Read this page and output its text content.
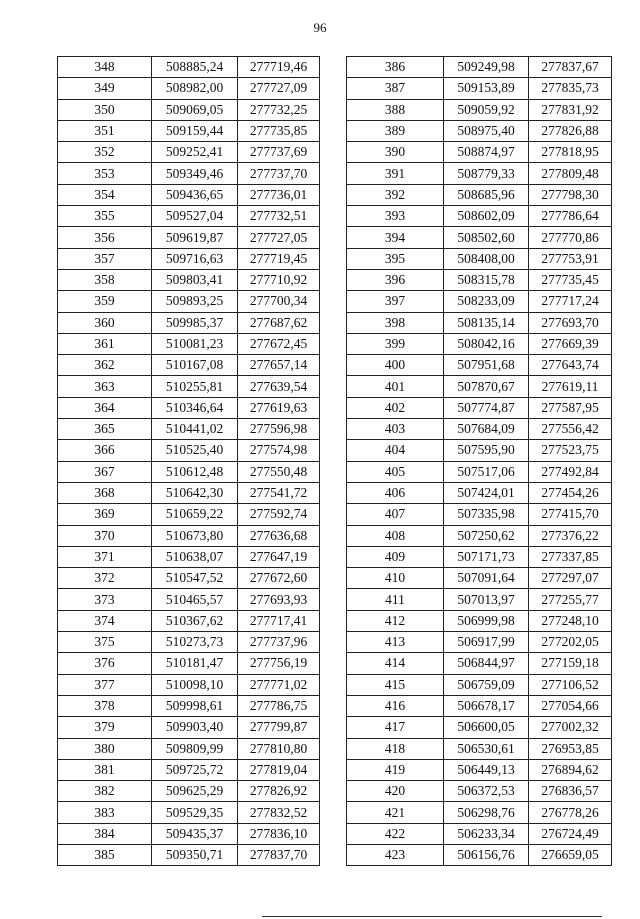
96
348	508885,24	277719,46
349	508982,00	277727,09
350	509069,05	277732,25
351	509159,44	277735,85
352	509252,41	277737,69
353	509349,46	277737,70
354	509436,65	277736,01
355	509527,04	277732,51
356	509619,87	277727,05
357	509716,63	277719,45
358	509803,41	277710,92
359	509893,25	277700,34
360	509985,37	277687,62
361	510081,23	277672,45
362	510167,08	277657,14
363	510255,81	277639,54
364	510346,64	277619,63
365	510441,02	277596,98
366	510525,40	277574,98
367	510612,48	277550,48
368	510642,30	277541,72
369	510659,22	277592,74
370	510673,80	277636,68
371	510638,07	277647,19
372	510547,52	277672,60
373	510465,57	277693,93
374	510367,62	277717,41
375	510273,73	277737,96
376	510181,47	277756,19
377	510098,10	277771,02
378	509998,61	277786,75
379	509903,40	277799,87
380	509809,99	277810,80
381	509725,72	277819,04
382	509625,29	277826,92
383	509529,35	277832,52
384	509435,37	277836,10
385	509350,71	277837,70
386	509249,98	277837,67
387	509153,89	277835,73
388	509059,92	277831,92
389	508975,40	277826,88
390	508874,97	277818,95
391	508779,33	277809,48
392	508685,96	277798,30
393	508602,09	277786,64
394	508502,60	277770,86
395	508408,00	277753,91
396	508315,78	277735,45
397	508233,09	277717,24
398	508135,14	277693,70
399	508042,16	277669,39
400	507951,68	277643,74
401	507870,67	277619,11
402	507774,87	277587,95
403	507684,09	277556,42
404	507595,90	277523,75
405	507517,06	277492,84
406	507424,01	277454,26
407	507335,98	277415,70
408	507250,62	277376,22
409	507171,73	277337,85
410	507091,64	277297,07
411	507013,97	277255,77
412	506999,98	277248,10
413	506917,99	277202,05
414	506844,97	277159,18
415	506759,09	277106,52
416	506678,17	277054,66
417	506600,05	277002,32
418	506530,61	276953,85
419	506449,13	276894,62
420	506372,53	276836,57
421	506298,76	276778,26
422	506233,34	276724,49
423	506156,76	276659,05
